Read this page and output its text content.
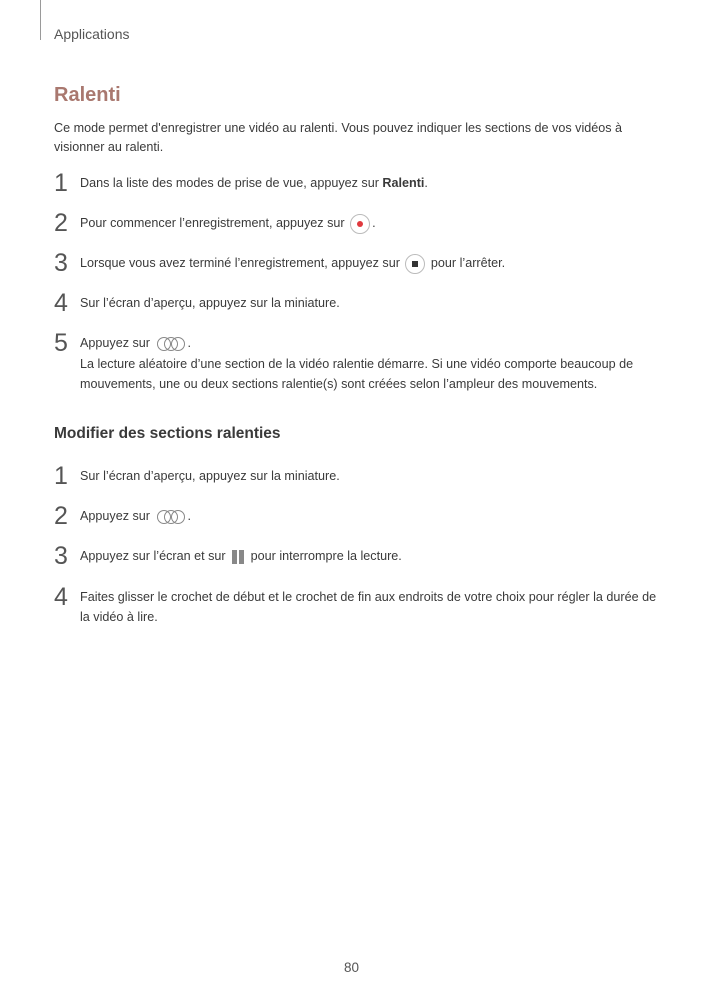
Applications
Ralenti

Ce mode permet d'enregistrer une vidéo au ralenti. Vous pouvez indiquer les sections de vos vidéos à visionner au ralenti.

1 Dans la liste des modes de prise de vue, appuyez sur Ralenti.
2 Pour commencer l’enregistrement, appuyez sur .
3 Lorsque vous avez terminé l’enregistrement, appuyez sur  pour l’arrêter.
4 Sur l’écran d’aperçu, appuyez sur la miniature.
5 Appuyez sur	.
La lecture aléatoire d’une section de la vidéo ralentie démarre. Si une vidéo comporte beaucoup de mouvements, une ou deux sections ralentie(s) sont créées selon l’ampleur des mouvements.
Modifier des sections ralenties
1 Sur l’écran d’aperçu, appuyez sur la miniature.
2 Appuyez sur	.
3 Appuyez sur l’écran et sur  pour interrompre la lecture.
4 Faites glisser le crochet de début et le crochet de fin aux endroits de votre choix pour régler la durée de la vidéo à lire.
80
